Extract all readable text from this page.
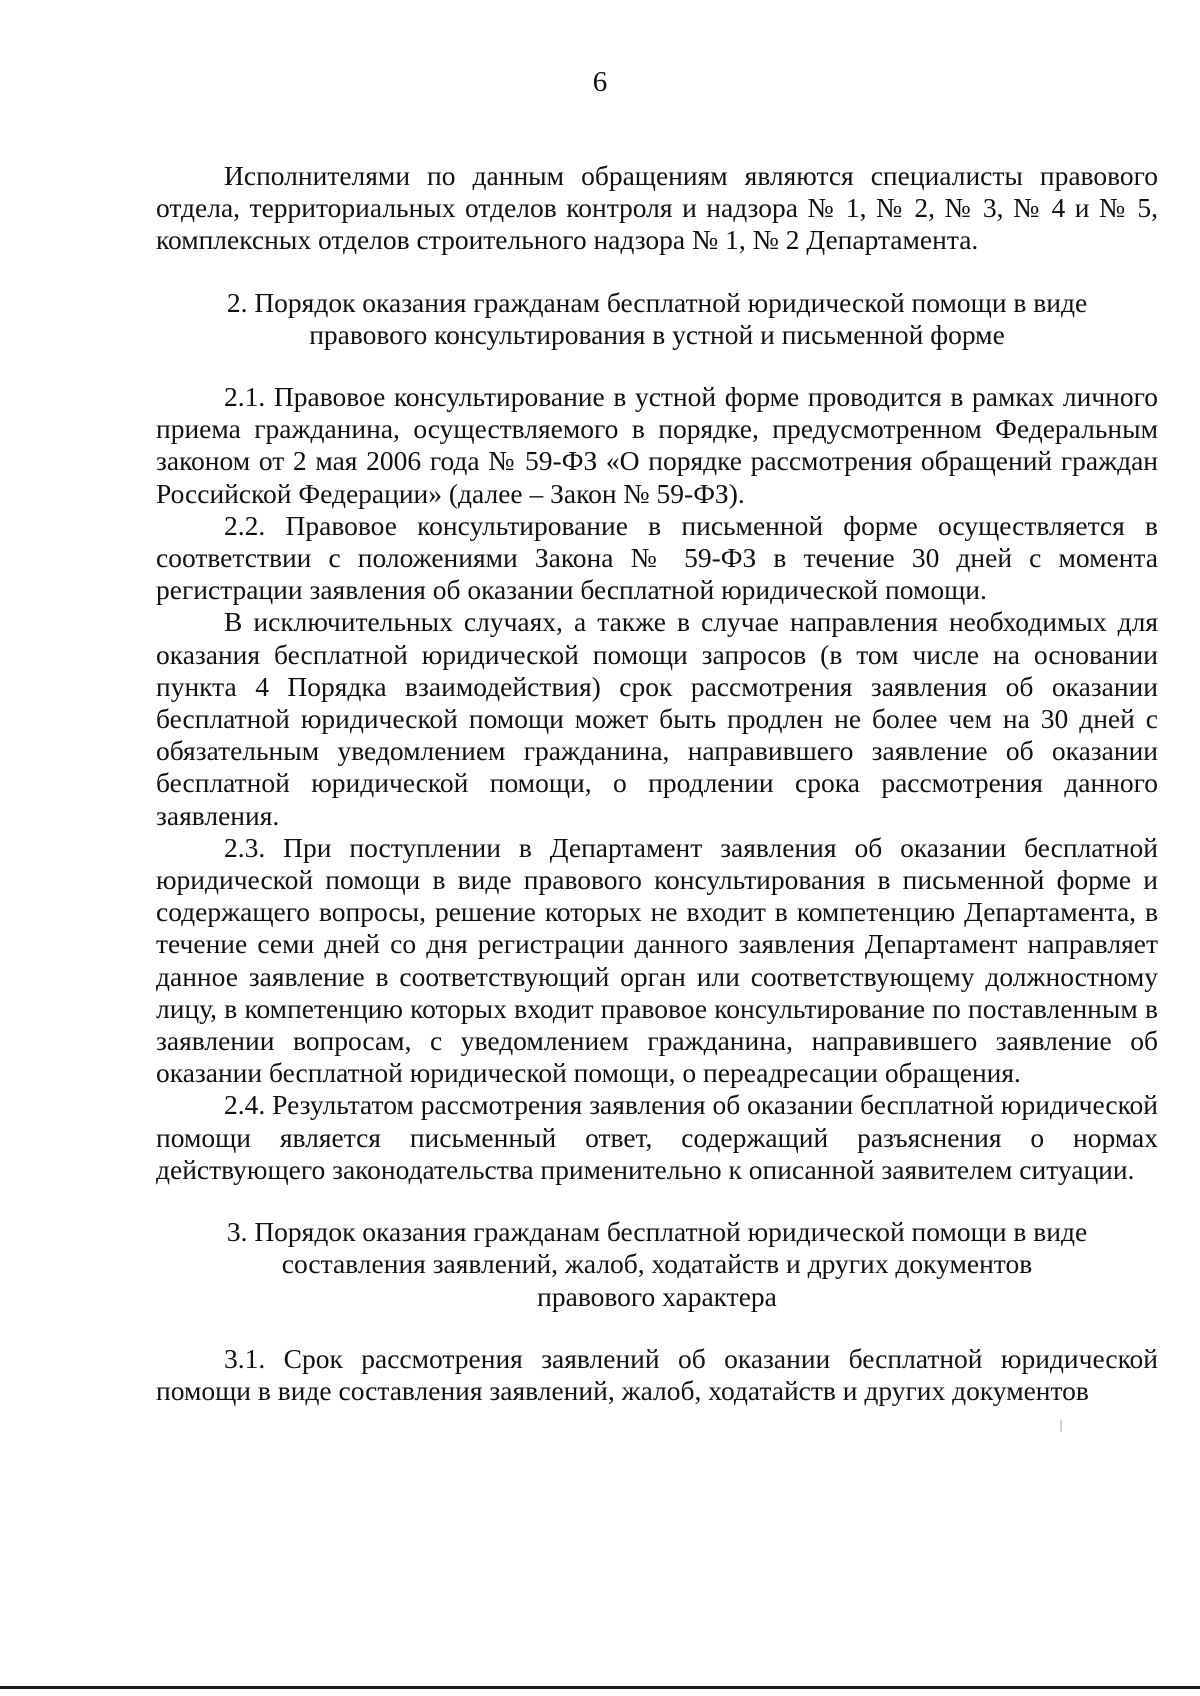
6

Исполнителями по данным обращениям являются специалисты правового отдела, территориальных отделов контроля и надзора № 1, № 2, № 3, № 4 и № 5, комплексных отделов строительного надзора № 1, № 2 Департамента.

2. Порядок оказания гражданам бесплатной юридической помощи в виде
правового консультирования в устной и письменной форме

2.1. Правовое консультирование в устной форме проводится в рамках личного приема гражданина, осуществляемого в порядке, предусмотренном Федеральным законом от 2 мая 2006 года № 59-ФЗ «О порядке рассмотрения обращений граждан Российской Федерации» (далее – Закон № 59-ФЗ).

2.2. Правовое консультирование в письменной форме осуществляется в соответствии с положениями Закона № 59-ФЗ в течение 30 дней с момента регистрации заявления об оказании бесплатной юридической помощи.

В исключительных случаях, а также в случае направления необходимых для оказания бесплатной юридической помощи запросов (в том числе на основании пункта 4 Порядка взаимодействия) срок рассмотрения заявления об оказании бесплатной юридической помощи может быть продлен не более чем на 30 дней с обязательным уведомлением гражданина, направившего заявление об оказании бесплатной юридической помощи, о продлении срока рассмотрения данного заявления.

2.3. При поступлении в Департамент заявления об оказании бесплатной юридической помощи в виде правового консультирования в письменной форме и содержащего вопросы, решение которых не входит в компетенцию Департамента, в течение семи дней со дня регистрации данного заявления Департамент направляет данное заявление в соответствующий орган или соответствующему должностному лицу, в компетенцию которых входит правовое консультирование по поставленным в заявлении вопросам, с уведомлением гражданина, направившего заявление об оказании бесплатной юридической помощи, о переадресации обращения.

2.4. Результатом рассмотрения заявления об оказании бесплатной юридической помощи является письменный ответ, содержащий разъяснения о нормах действующего законодательства применительно к описанной заявителем ситуации.

3. Порядок оказания гражданам бесплатной юридической помощи в виде
составления заявлений, жалоб, ходатайств и других документов
правового характера

3.1. Срок рассмотрения заявлений об оказании бесплатной юридической помощи в виде составления заявлений, жалоб, ходатайств и других документов
